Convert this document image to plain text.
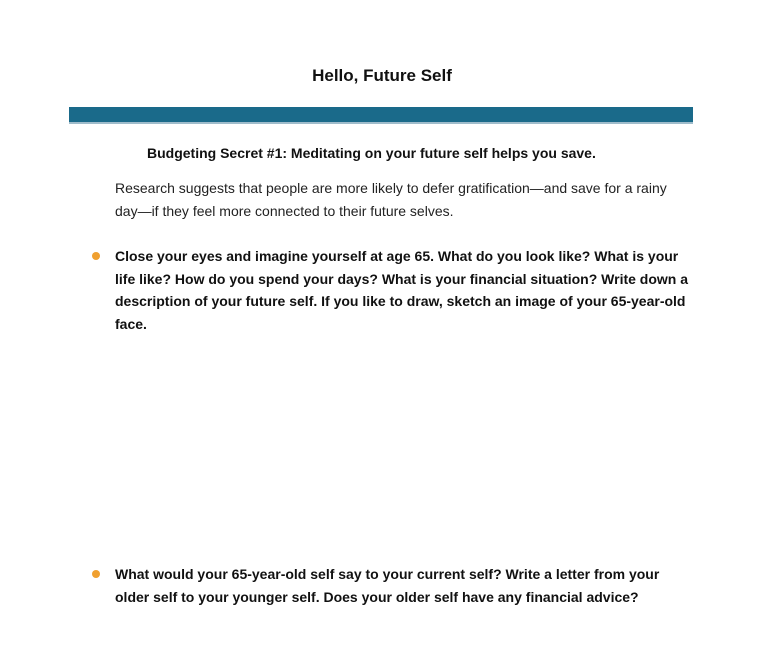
Hello, Future Self
Budgeting Secret #1: Meditating on your future self helps you save.
Research suggests that people are more likely to defer gratification—and save for a rainy day—if they feel more connected to their future selves.
Close your eyes and imagine yourself at age 65. What do you look like? What is your life like? How do you spend your days? What is your financial situation? Write down a description of your future self. If you like to draw, sketch an image of your 65-year-old face.
What would your 65-year-old self say to your current self? Write a letter from your older self to your younger self. Does your older self have any financial advice?
